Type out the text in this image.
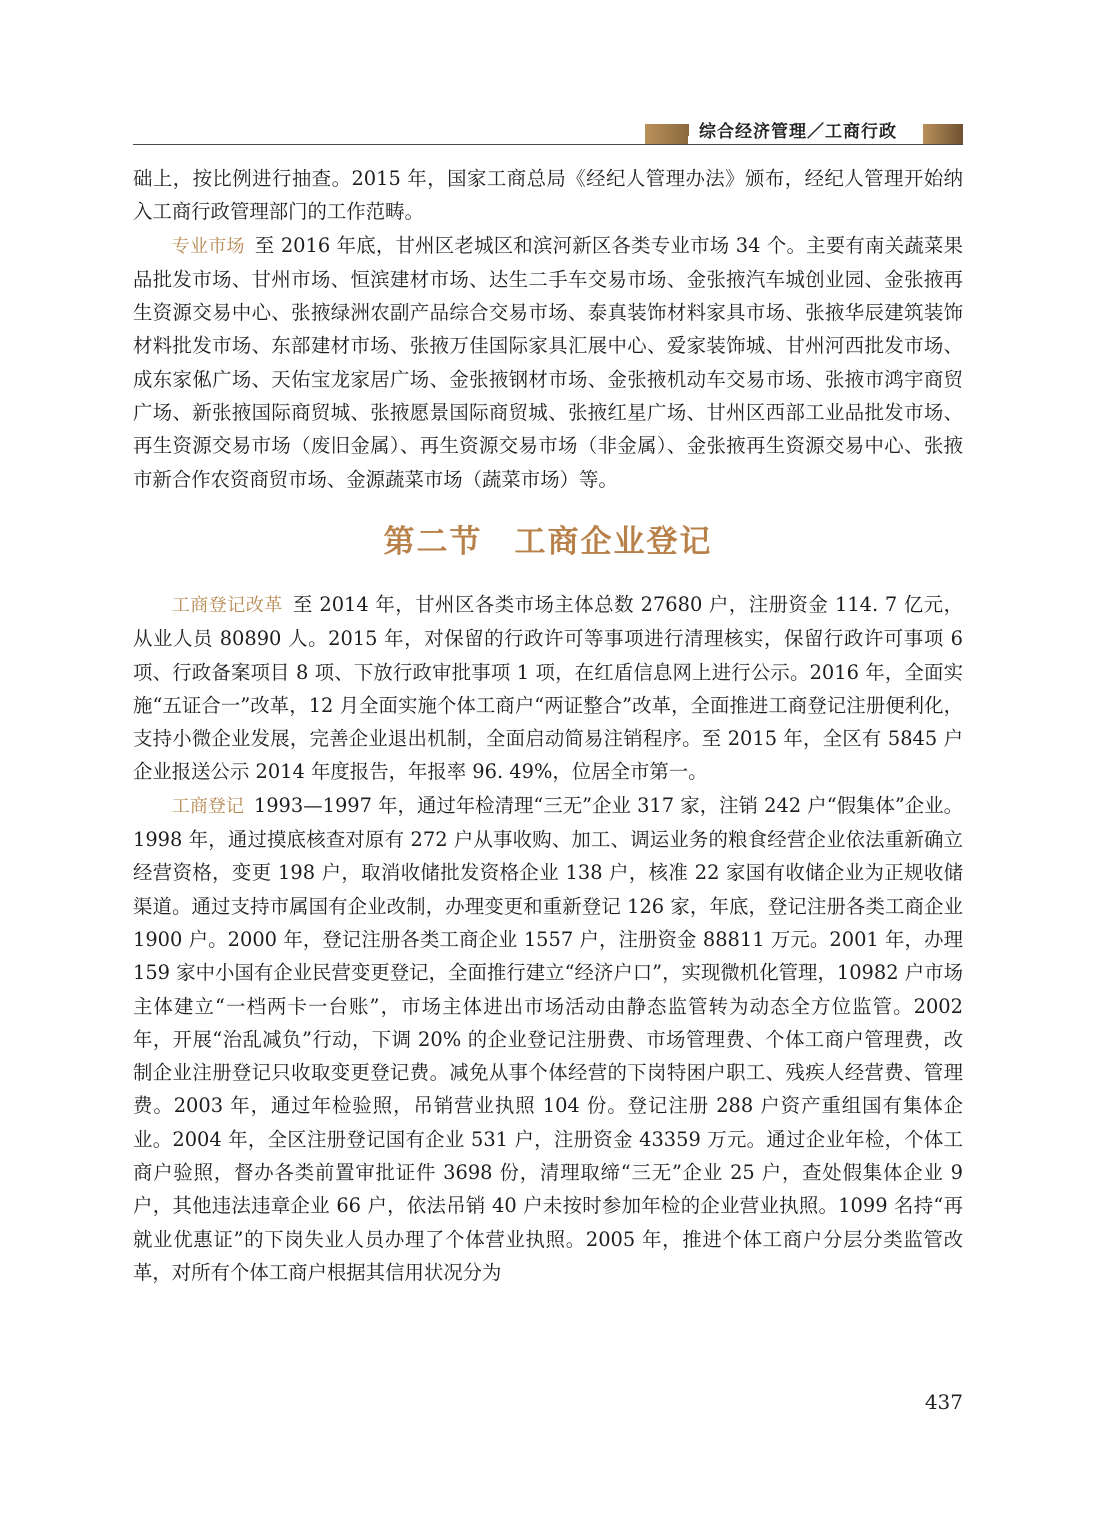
综合经济管理／工商行政

础上，按比例进行抽查。2015 年，国家工商总局《经纪人管理办法》颁布，经纪人管理开始纳入工商行政管理部门的工作范畴。

专业市场 至 2016 年底，甘州区老城区和滨河新区各类专业市场 34 个。主要有南关蔬菜果品批发市场、甘州市场、恒滨建材市场、达生二手车交易市场、金张掖汽车城创业园、金张掖再生资源交易中心、张掖绿洲农副产品综合交易市场、泰真装饰材料家具市场、张掖华辰建筑装饰材料批发市场、东部建材市场、张掖万佳国际家具汇展中心、爱家装饰城、甘州河西批发市场、成东家俬广场、天佑宝龙家居广场、金张掖钢材市场、金张掖机动车交易市场、张掖市鸿宇商贸广场、新张掖国际商贸城、张掖愿景国际商贸城、张掖红星广场、甘州区西部工业品批发市场、再生资源交易市场（废旧金属）、再生资源交易市场（非金属）、金张掖再生资源交易中心、张掖市新合作农资商贸市场、金源蔬菜市场（蔬菜市场）等。

第二节 工商企业登记

工商登记改革 至 2014 年，甘州区各类市场主体总数 27680 户，注册资金 114. 7 亿元，从业人员 80890 人。2015 年，对保留的行政许可等事项进行清理核实，保留行政许可事项 6 项、行政备案项目 8 项、下放行政审批事项 1 项，在红盾信息网上进行公示。2016 年，全面实施“五证合一”改革，12 月全面实施个体工商户“两证整合”改革，全面推进工商登记注册便利化，支持小微企业发展，完善企业退出机制，全面启动简易注销程序。至 2015 年，全区有 5845 户企业报送公示 2014 年度报告，年报率 96. 49%，位居全市第一。

工商登记 1993—1997 年，通过年检清理“三无”企业 317 家，注销 242 户“假集体”企业。1998 年，通过摸底核查对原有 272 户从事收购、加工、调运业务的粮食经营企业依法重新确立经营资格，变更 198 户，取消收储批发资格企业 138 户，核准 22 家国有收储企业为正规收储渠道。通过支持市属国有企业改制，办理变更和重新登记 126 家，年底，登记注册各类工商企业 1900 户。2000 年，登记注册各类工商企业 1557 户，注册资金 88811 万元。2001 年，办理 159 家中小国有企业民营变更登记，全面推行建立“经济户口”，实现微机化管理，10982 户市场主体建立“一档两卡一台账”，市场主体进出市场活动由静态监管转为动态全方位监管。2002 年，开展“治乱减负”行动，下调 20% 的企业登记注册费、市场管理费、个体工商户管理费，改制企业注册登记只收取变更登记费。减免从事个体经营的下岗特困户职工、残疾人经营费、管理费。2003 年，通过年检验照，吊销营业执照 104 份。登记注册 288 户资产重组国有集体企业。2004 年，全区注册登记国有企业 531 户，注册资金 43359 万元。通过企业年检，个体工商户验照，督办各类前置审批证件 3698 份，清理取缔“三无”企业 25 户，查处假集体企业 9 户，其他违法违章企业 66 户，依法吊销 40 户未按时参加年检的企业营业执照。1099 名持“再就业优惠证”的下岗失业人员办理了个体营业执照。2005 年，推进个体工商户分层分类监管改革，对所有个体工商户根据其信用状况分为

437
